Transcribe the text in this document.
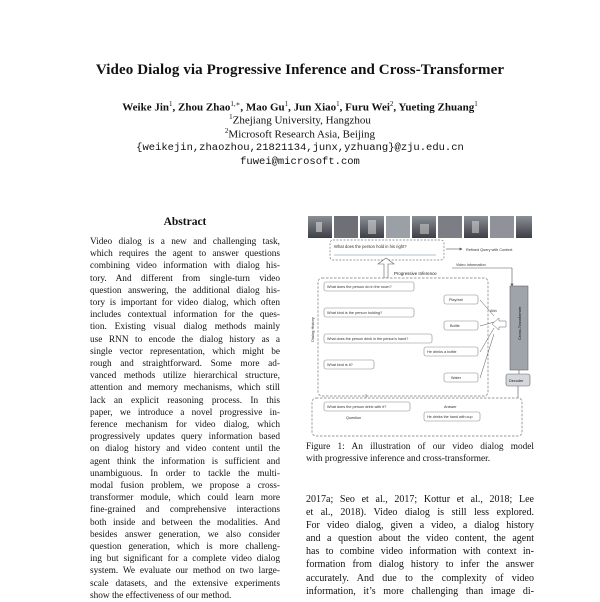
Video Dialog via Progressive Inference and Cross-Transformer
Weike Jin$^1$, Zhou Zhao$^{1,∗}$, Mao Gu$^1$, Jun Xiao$^1$, Furu Wei$^2$, Yueting Zhuang$^1$
$^1$Zhejiang University, Hangzhou
$^2$Microsoft Research Asia, Beijing
{weikejin,zhaozhou,21821134,junx,yzhuang}@zju.edu.cn
fuwei@microsoft.com
Abstract
Video dialog is a new and challenging task,
which requires the agent to answer questions
combining video information with dialog his-
tory. And different from single-turn video
question answering, the additional dialog his-
tory is important for video dialog, which often
includes contextual information for the ques-
tion. Existing visual dialog methods mainly
use RNN to encode the dialog history as a
single vector representation, which might be
rough and straightforward. Some more ad-
vanced methods utilize hierarchical structure,
attention and memory mechanisms, which still
lack an explicit reasoning process. In this
paper, we introduce a novel progressive in-
ference mechanism for video dialog, which
progressively updates query information based
on dialog history and video content until the
agent think the information is sufficient and
unambiguous. In order to tackle the multi-
modal fusion problem, we propose a cross-
transformer module, which could learn more
fine-grained and comprehensive interactions
both inside and between the modalities. And
besides answer generation, we also consider
question generation, which is more challeng-
ing but significant for a complete video dialog
system. We evaluate our method on two large-
scale datasets, and the extensive experiments
show the effectiveness of our method.
What does the person hold in his right?
Refined Query with Context
Video Information
Progressive Inference
Dialog History
What does the person do in the room?
Play/eat
What kind is the person holding?
Bottle
What does the person drink in the person's hand?
He drinks a bottle
What kind is it?
Water
Attn	Cross-Transformer
Decoder
What does the person drink with it?
Question
Answer
He drinks the hand with cup
Figure 1: An illustration of our video dialog model
with progressive inference and cross-transformer.
2017a; Seo et al., 2017; Kottur et al., 2018; Lee
et al., 2018). Video dialog is still less explored.
For video dialog, given a video, a dialog history
and a question about the video content, the agent
has to combine video information with context in-
formation from dialog history to infer the answer
accurately. And due to the complexity of video
information, it’s more challenging than image di-
